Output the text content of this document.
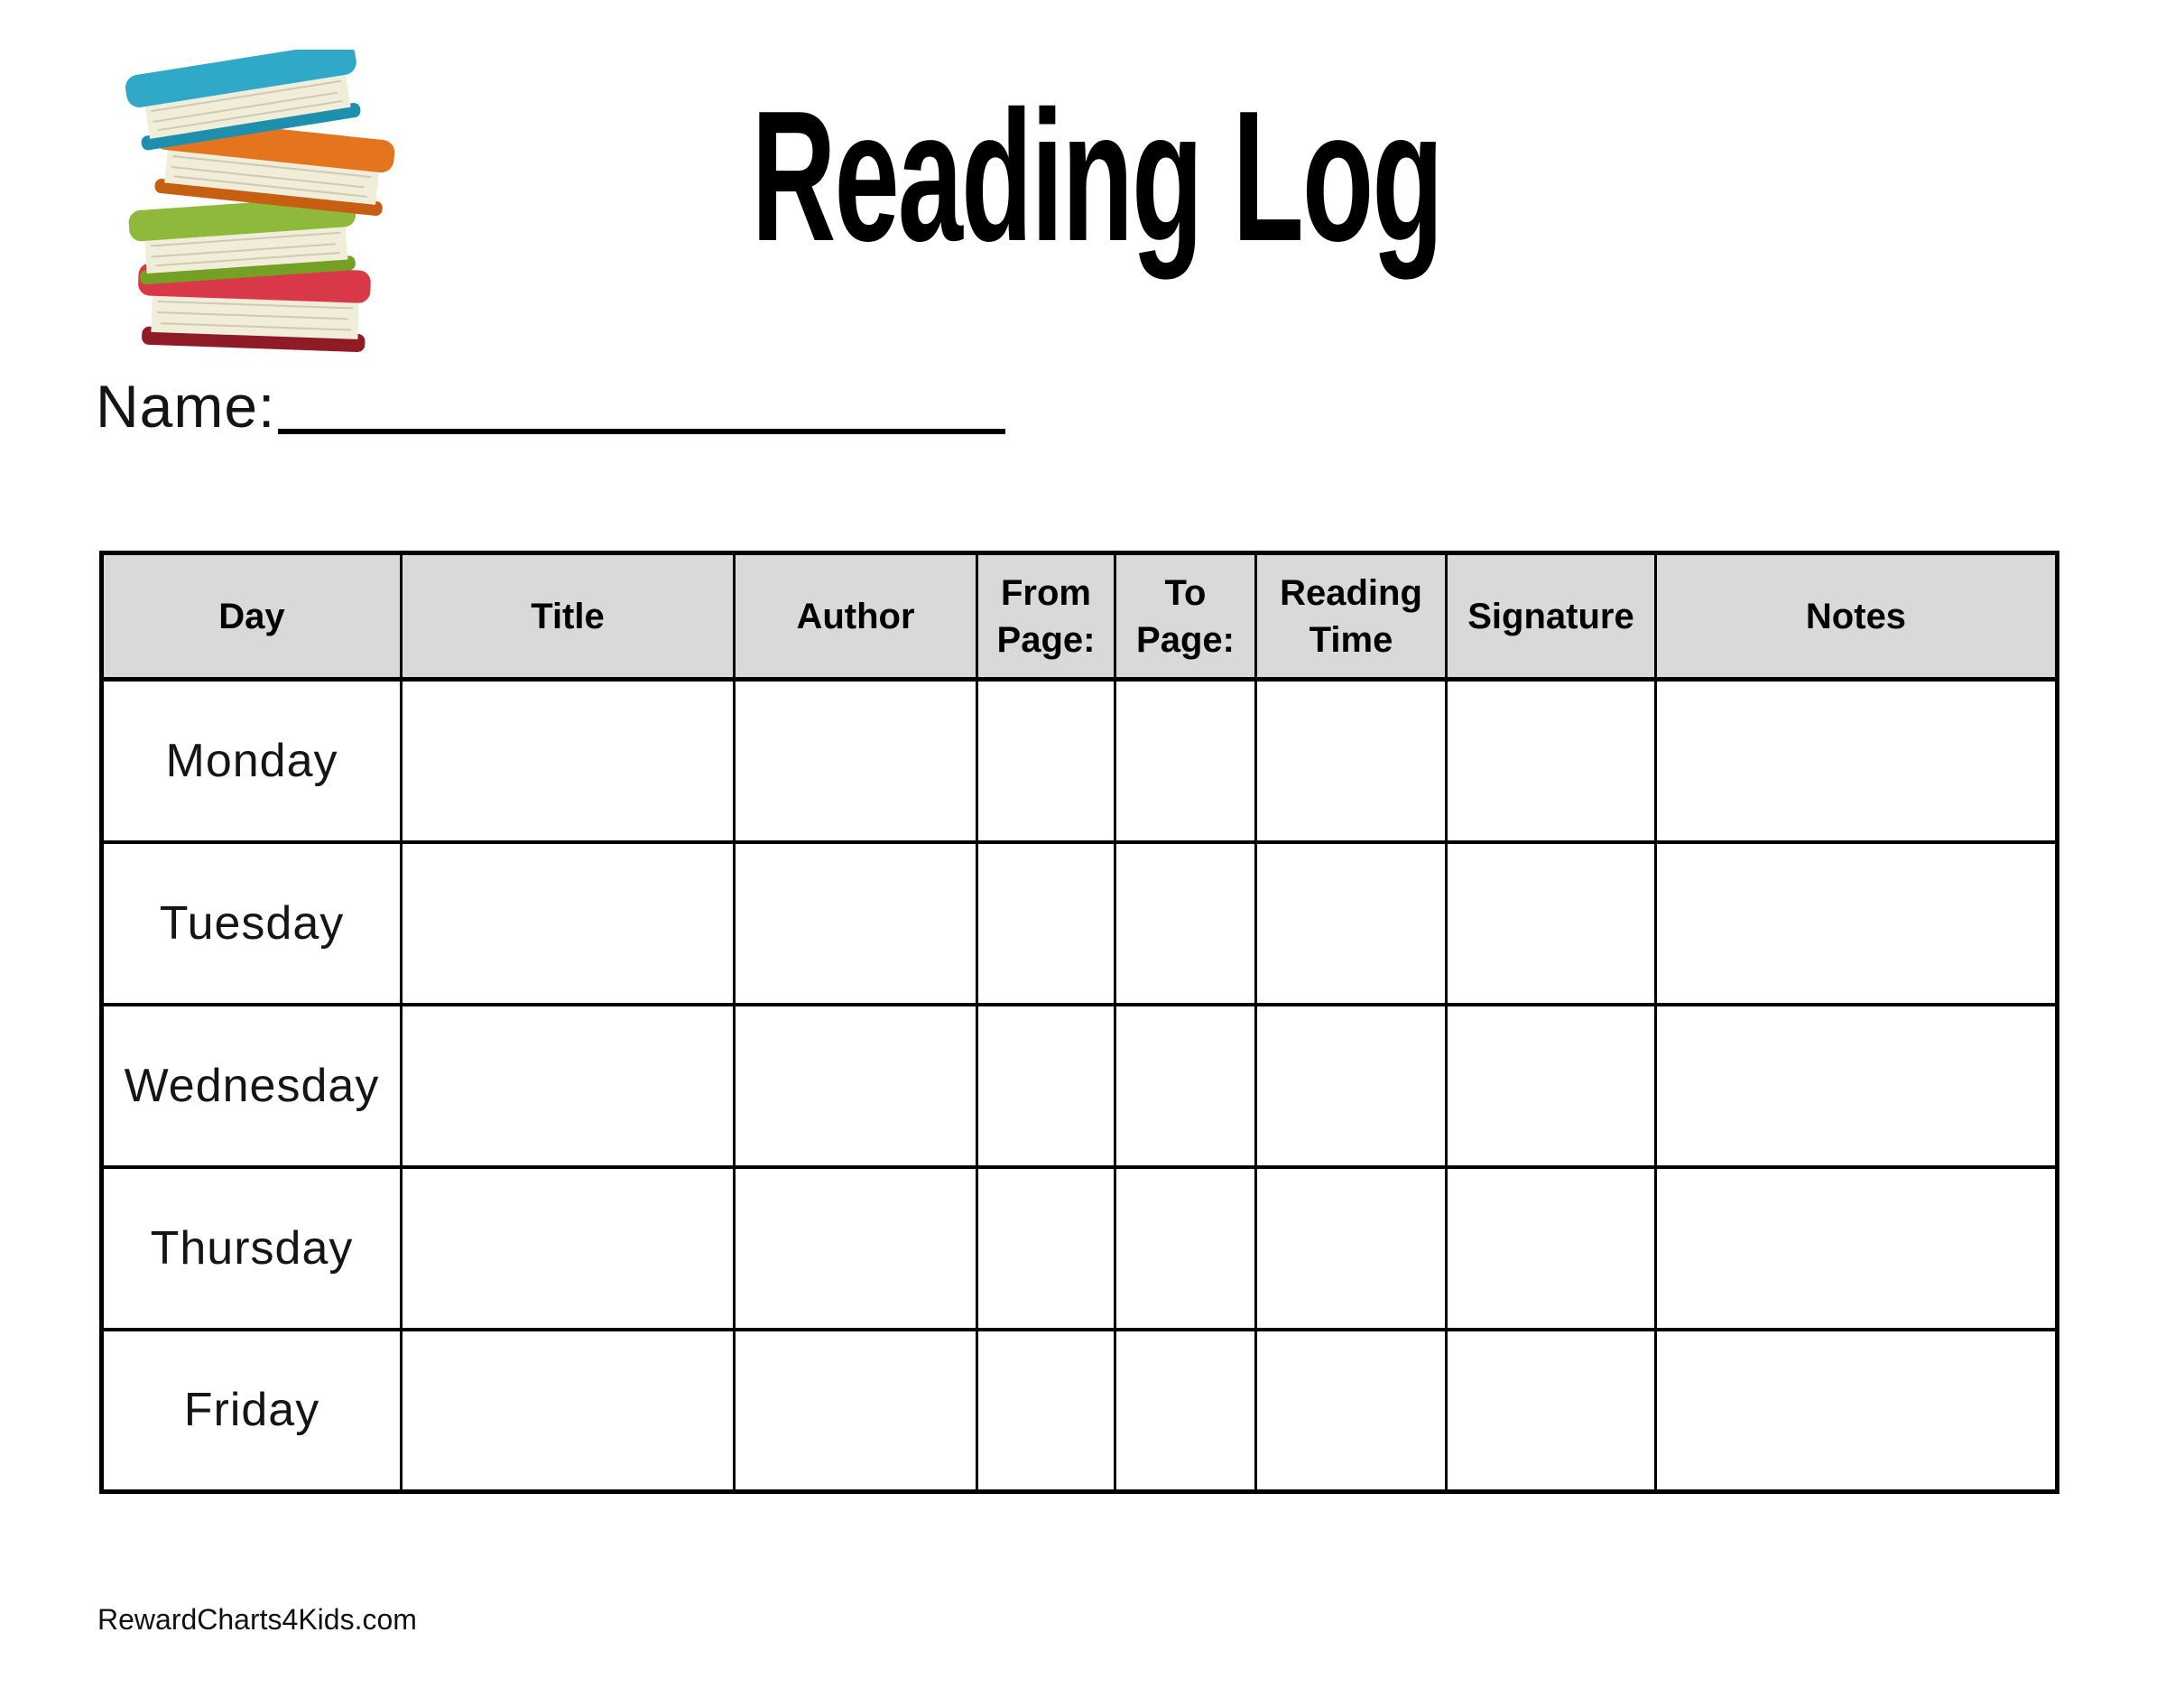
Reading Log
Name:
Day	Title	Author	From Page:	To Page:	Reading Time	Signature	Notes
Monday							
Tuesday							
Wednesday							
Thursday							
Friday							
RewardCharts4Kids.com
